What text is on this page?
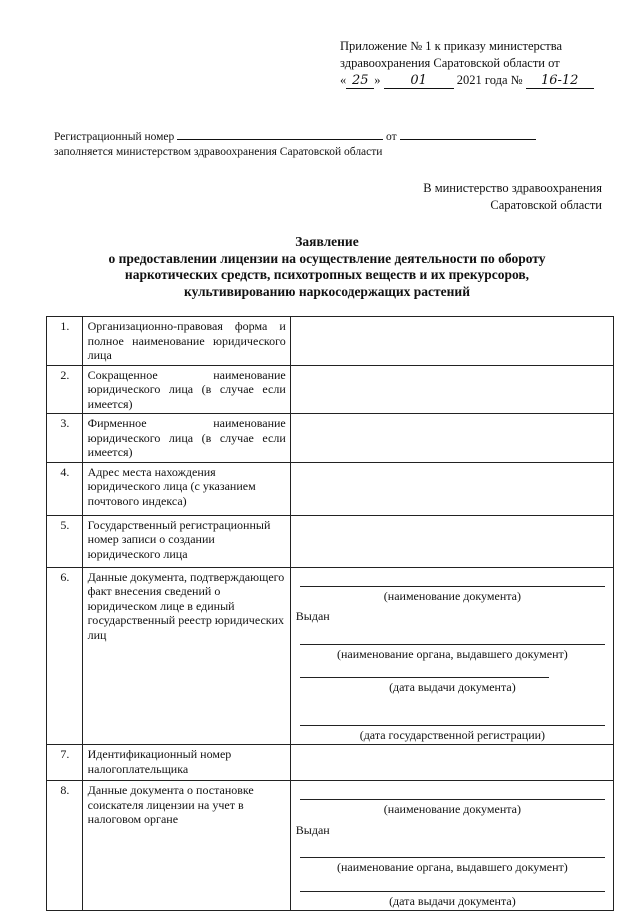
Приложение № 1 к приказу министерства
здравоохранения Саратовской области от
« 25 » 01 2021 года № 16-12
Регистрационный номер	от
заполняется министерством здравоохранения Саратовской области
В министерство здравоохранения
Саратовской области
Заявление
о предоставлении лицензии на осуществление деятельности по обороту
наркотических средств, психотропных веществ и их прекурсоров,
культивированию наркосодержащих растений
1.	Организационно-правовая форма и полное наименование юридического лица	
2.	Сокращенное наименование юридического лица (в случае если имеется)	
3.	Фирменное наименование юридического лица (в случае если имеется)	
4.	Адрес места нахождения юридического лица (с указанием почтового индекса)	
5.	Государственный регистрационный номер записи о создании юридического лица	
6.	Данные документа, подтверждающего факт внесения сведений о юридическом лице в единый государственный реестр юридических лиц	(наименование документа)
Выдан
(наименование органа, выдавшего документ)
(дата выдачи документа)
(дата государственной регистрации)

7.	Идентификационный номер налогоплательщика	
8.	Данные документа о постановке соискателя лицензии на учет в налоговом органе	(наименование документа)
Выдан
(наименование органа, выдавшего документ)
(дата выдачи документа)
